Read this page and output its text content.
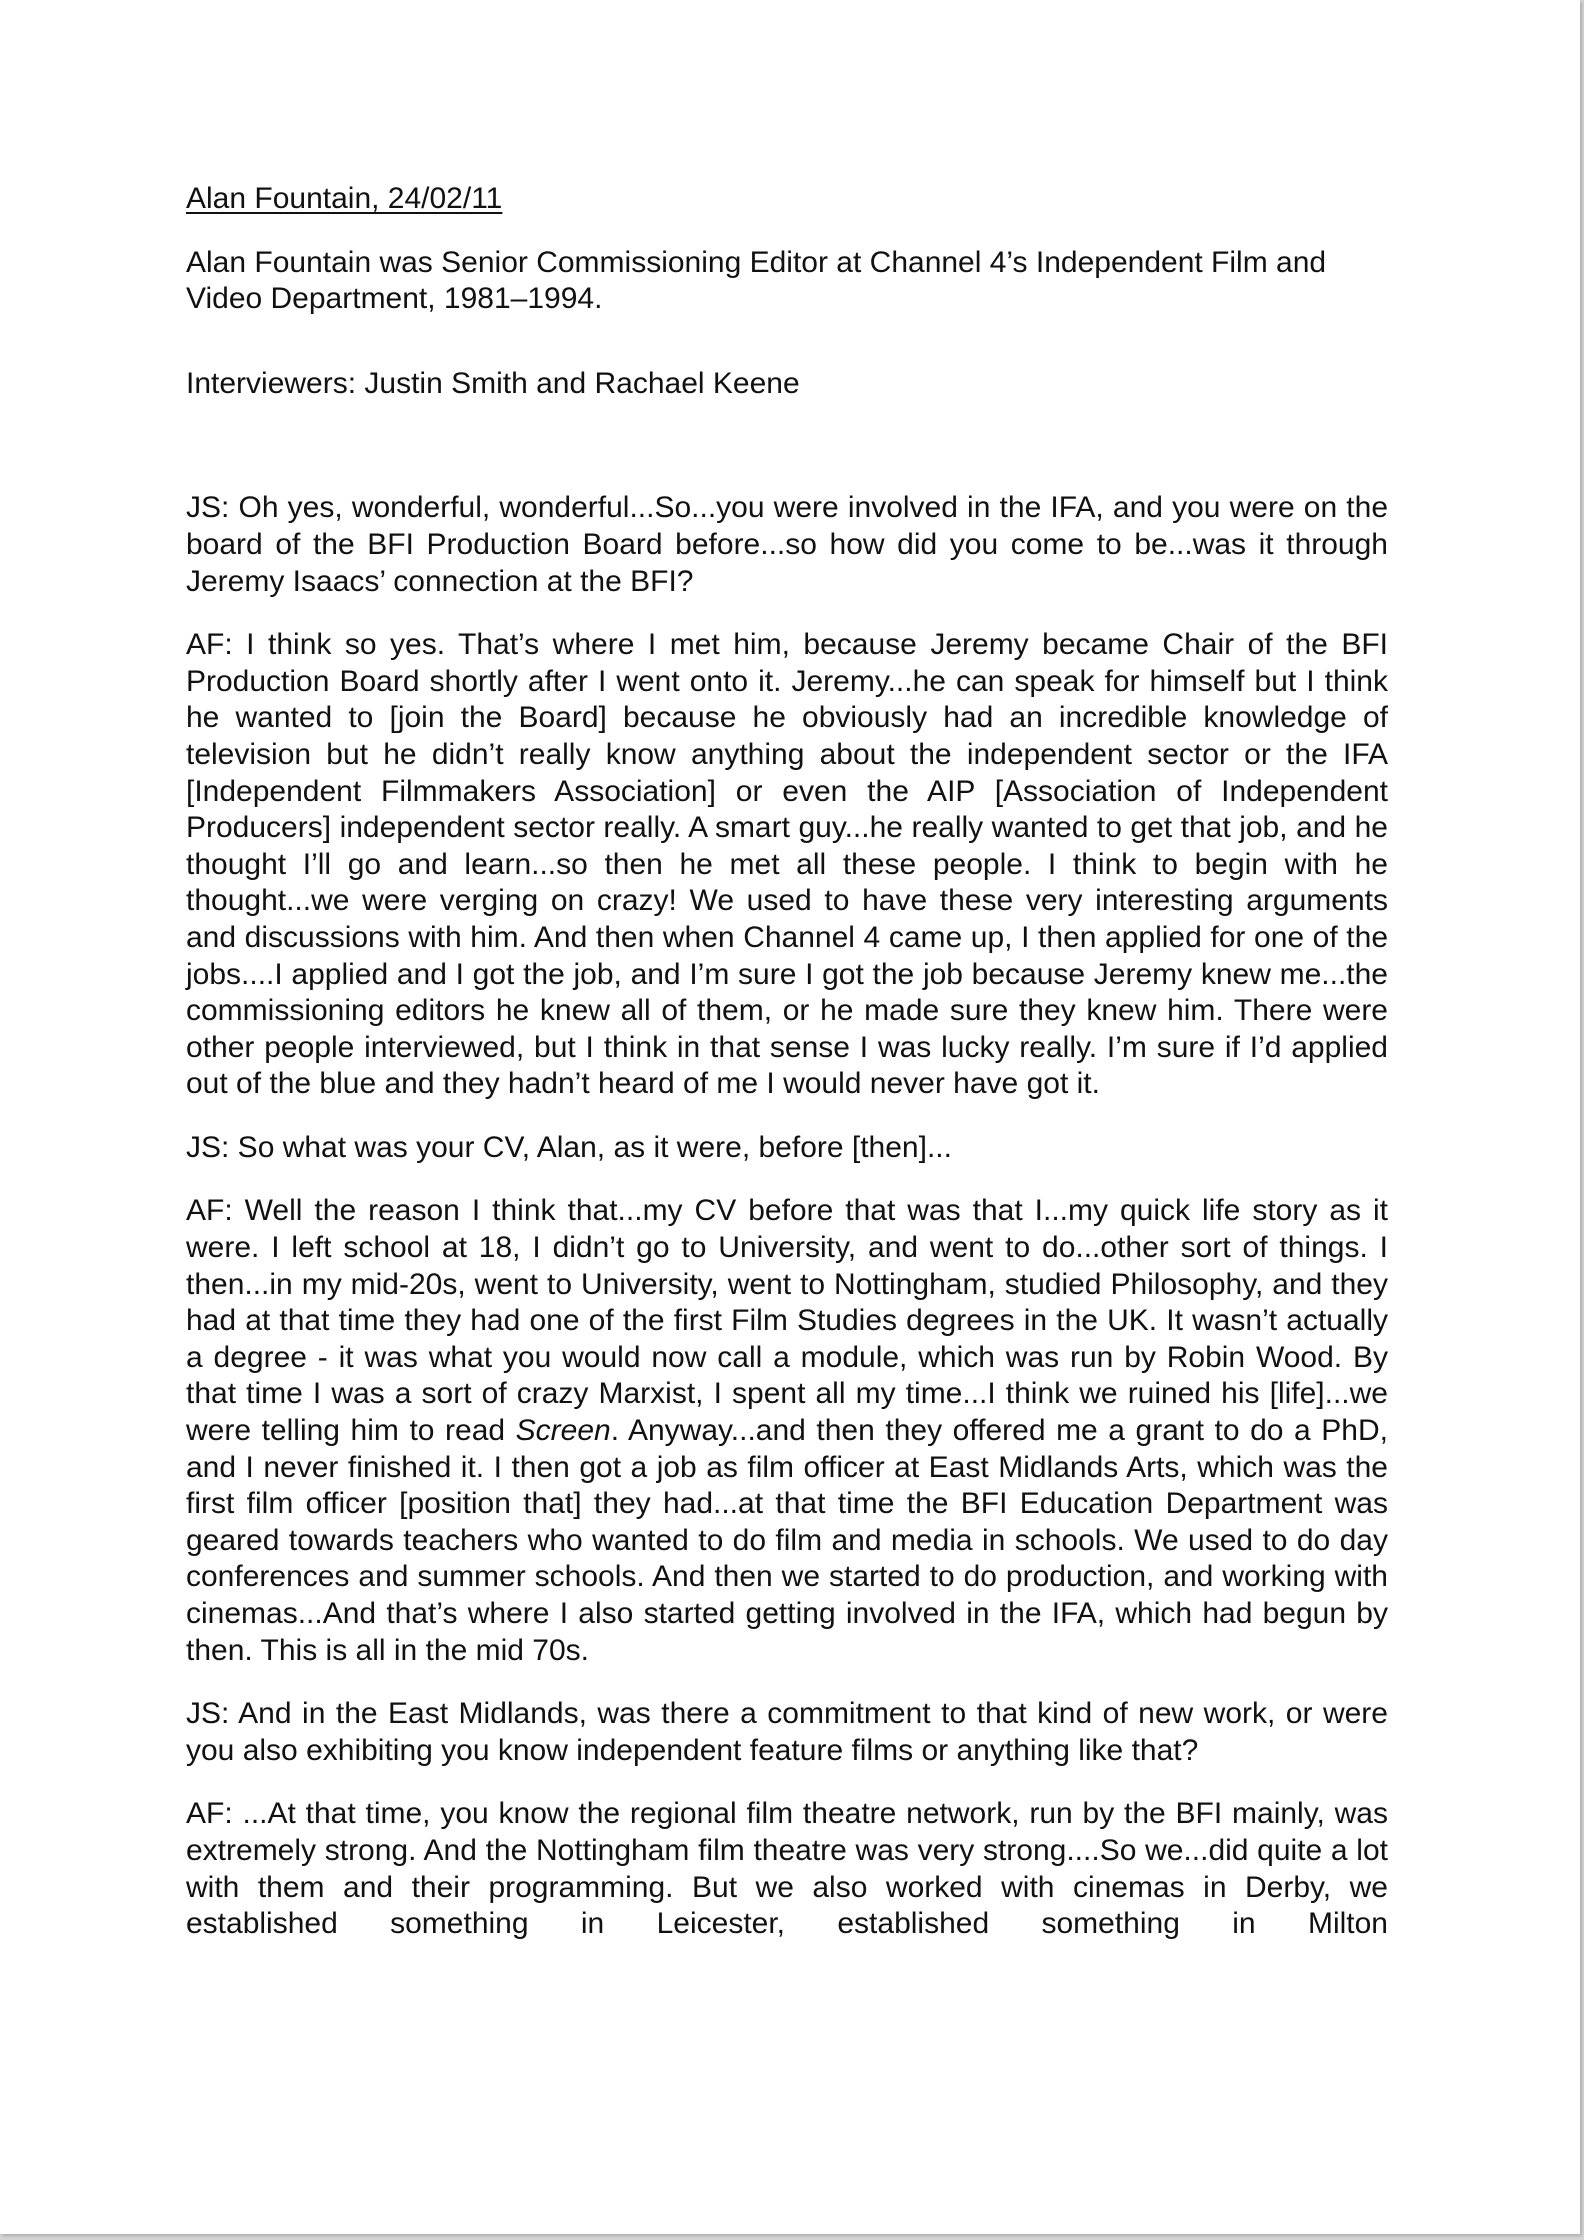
Alan Fountain, 24/02/11

Alan Fountain was Senior Commissioning Editor at Channel 4’s Independent Film and Video Department, 1981–1994.

Interviewers: Justin Smith and Rachael Keene

JS: Oh yes, wonderful, wonderful...So...you were involved in the IFA, and you were on the board of the BFI Production Board before...so how did you come to be...was it through Jeremy Isaacs’ connection at the BFI?

AF: I think so yes. That’s where I met him, because Jeremy became Chair of the BFI Production Board shortly after I went onto it. Jeremy...he can speak for himself but I think he wanted to [join the Board] because he obviously had an incredible knowledge of television but he didn’t really know anything about the independent sector or the IFA [Independent Filmmakers Association] or even the AIP [Association of Independent Producers] independent sector really. A smart guy...he really wanted to get that job, and he thought I’ll go and learn...so then he met all these people. I think to begin with he thought...we were verging on crazy! We used to have these very interesting arguments and discussions with him. And then when Channel 4 came up, I then applied for one of the jobs....I applied and I got the job, and I’m sure I got the job because Jeremy knew me...the commissioning editors he knew all of them, or he made sure they knew him. There were other people interviewed, but I think in that sense I was lucky really. I’m sure if I’d applied out of the blue and they hadn’t heard of me I would never have got it.

JS: So what was your CV, Alan, as it were, before [then]...

AF: Well the reason I think that...my CV before that was that I...my quick life story as it were. I left school at 18, I didn’t go to University, and went to do...other sort of things. I then...in my mid-20s, went to University, went to Nottingham, studied Philosophy, and they had at that time they had one of the first Film Studies degrees in the UK. It wasn’t actually a degree - it was what you would now call a module, which was run by Robin Wood. By that time I was a sort of crazy Marxist, I spent all my time...I think we ruined his [life]...we were telling him to read Screen. Anyway...and then they offered me a grant to do a PhD, and I never finished it. I then got a job as film officer at East Midlands Arts, which was the first film officer [position that] they had...at that time the BFI Education Department was geared towards teachers who wanted to do film and media in schools. We used to do day conferences and summer schools. And then we started to do production, and working with cinemas...And that’s where I also started getting involved in the IFA, which had begun by then. This is all in the mid 70s.

JS: And in the East Midlands, was there a commitment to that kind of new work, or were you also exhibiting you know independent feature films or anything like that?

AF: ...At that time, you know the regional film theatre network, run by the BFI mainly, was extremely strong. And the Nottingham film theatre was very strong....So we...did quite a lot with them and their programming. But we also worked with cinemas in Derby, we established something in Leicester, established something in Milton
